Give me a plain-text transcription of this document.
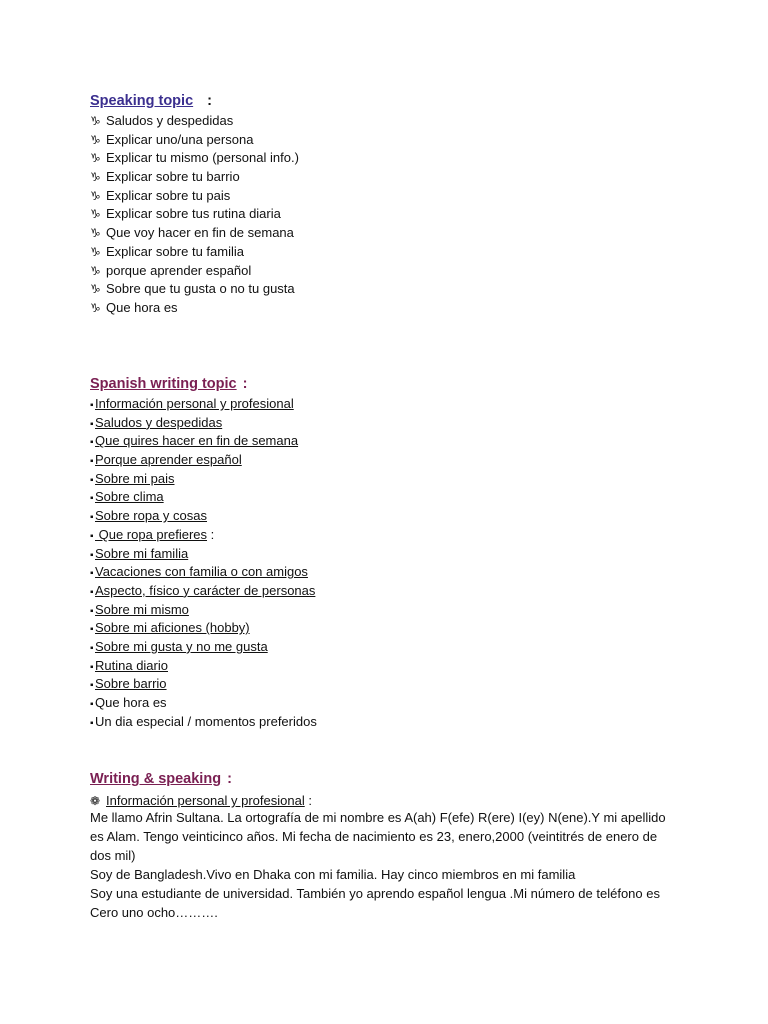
Speaking topic :
♑ Saludos y despedidas
♑ Explicar uno/una persona
♑ Explicar tu mismo (personal info.)
♑ Explicar sobre tu barrio
♑ Explicar sobre tu pais
♑ Explicar sobre tus rutina diaria
♑ Que voy hacer en fin de semana
♑ Explicar sobre tu familia
♑ porque aprender español
♑ Sobre que tu gusta o no tu gusta
♑ Que hora es
Spanish writing topic :
▪Información personal y profesional
▪Saludos y despedidas
▪Que quires hacer en fin de semana
▪Porque aprender español
▪Sobre mi pais
▪Sobre clima
▪Sobre ropa y cosas
▪ Que ropa prefieres :
▪Sobre mi familia
▪Vacaciones con familia o con amigos
▪Aspecto, físico y carácter de personas
▪Sobre mi mismo
▪Sobre mi aficiones (hobby)
▪Sobre mi gusta y no me gusta
▪Rutina diario
▪Sobre barrio
▪Que hora es
▪Un dia especial / momentos preferidos
Writing & speaking :
❁ Información personal y profesional :

Me llamo Afrin Sultana. La ortografía de mi nombre es A(ah) F(efe) R(ere) I(ey) N(ene).Y mi apellido es Alam. Tengo veinticinco años. Mi fecha de nacimiento es 23, enero,2000 (veintitrés de enero de dos mil)

Soy de Bangladesh.Vivo en Dhaka con mi familia. Hay cinco miembros en mi familia

Soy una estudiante de universidad. También yo aprendo español lengua .Mi número de teléfono es Cero uno ocho……….
